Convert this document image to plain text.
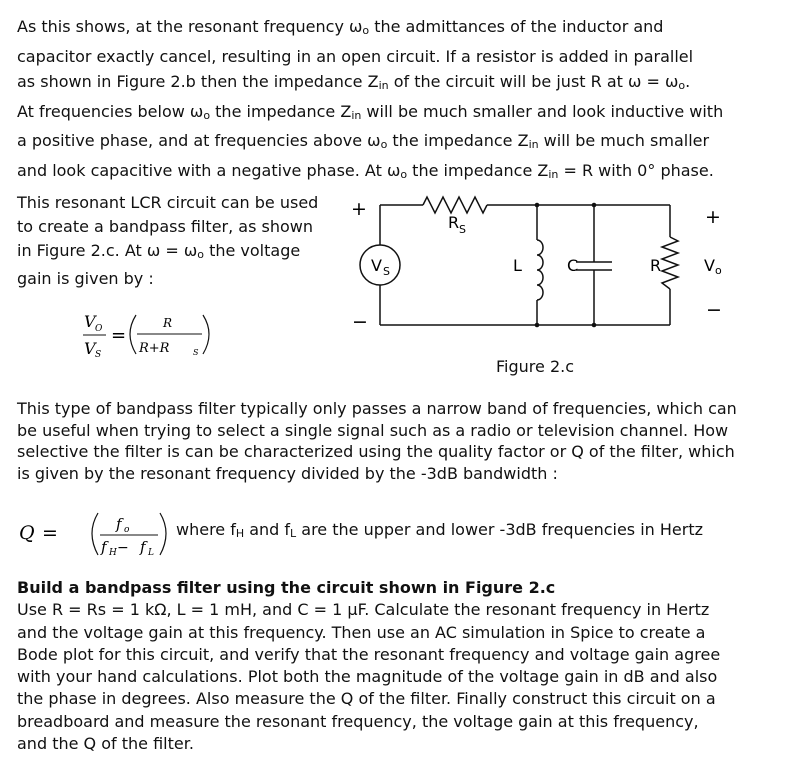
As this shows, at the resonant frequency ωo the admittances of the inductor and
capacitor exactly cancel, resulting in an open circuit. If a resistor is added in parallel
as shown in Figure 2.b then the impedance Zin of the circuit will be just R at ω = ωo.
At frequencies below ωo the impedance Zin will be much smaller and look inductive with
a positive phase, and at frequencies above ωo the impedance Zin will be much smaller
and look capacitive with a negative phase. At ωo the impedance Zin = R with 0° phase.
This resonant LCR circuit can be used
to create a bandpass filter, as shown
in Figure 2.c. At ω = ωo the voltage
gain is given by :
V O
V S
=
R
R+R	S
+
−
V S
R S
L	C	R
+
V o
−
Figure 2.c
This type of bandpass filter typically only passes a narrow band of frequencies, which can
be useful when trying to select a single signal such as a radio or television channel. How
selective the filter is can be characterized using the quality factor or Q of the filter, which
is given by the resonant frequency divided by the -3dB bandwidth :
Q =	f o
f H − f L
where fH and fL are the upper and lower -3dB frequencies in Hertz
Build a bandpass filter using the circuit shown in Figure 2.c
Use R = Rs = 1 kΩ, L = 1 mH, and C = 1 μF. Calculate the resonant frequency in Hertz
and the voltage gain at this frequency. Then use an AC simulation in Spice to create a
Bode plot for this circuit, and verify that the resonant frequency and voltage gain agree
with your hand calculations. Plot both the magnitude of the voltage gain in dB and also
the phase in degrees. Also measure the Q of the filter. Finally construct this circuit on a
breadboard and measure the resonant frequency, the voltage gain at this frequency,
and the Q of the filter.
